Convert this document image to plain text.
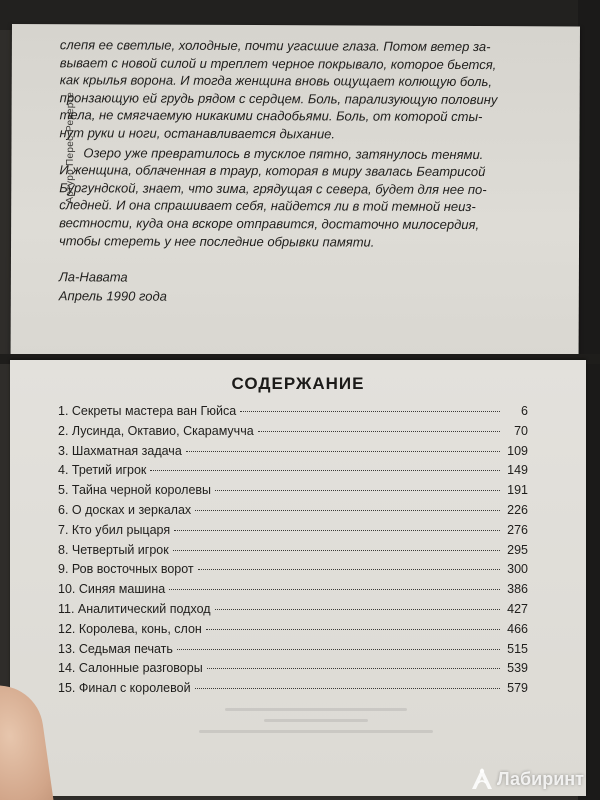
Артуро Перес-Реверте

слепя ее светлые, холодные, почти угасшие глаза. Потом ветер за-
вывает с новой силой и треплет черное покрывало, которое бьется,
как крылья ворона. И тогда женщина вновь ощущает колющую боль,
пронзающую ей грудь рядом с сердцем. Боль, парализующую половину
тела, не смягчаемую никакими снадобьями. Боль, от которой сты-
нут руки и ноги, останавливается дыхание.

Озеро уже превратилось в тусклое пятно, затянулось тенями.
И женщина, облаченная в траур, которая в миру звалась Беатрисой
Бургундской, знает, что зима, грядущая с севера, будет для нее по-
следней. И она спрашивает себя, найдется ли в той темной неиз-
вестности, куда она вскоре отправится, достаточно милосердия,
чтобы стереть у нее последние обрывки памяти.

Ла-Навата
Апрель 1990 года
СОДЕРЖАНИЕ
1. Секреты мастера ван Гюйса	6
2. Лусинда, Октавио, Скарамучча	70
3. Шахматная задача	109
4. Третий игрок	149
5. Тайна черной королевы	191
6. О досках и зеркалах	226
7. Кто убил рыцаря	276
8. Четвертый игрок	295
9. Ров восточных ворот	300
10. Синяя машина	386
11. Аналитический подход	427
12. Королева, конь, слон	466
13. Седьмая печать	515
14. Салонные разговоры	539
15. Финал с королевой	579
Лабиринт
